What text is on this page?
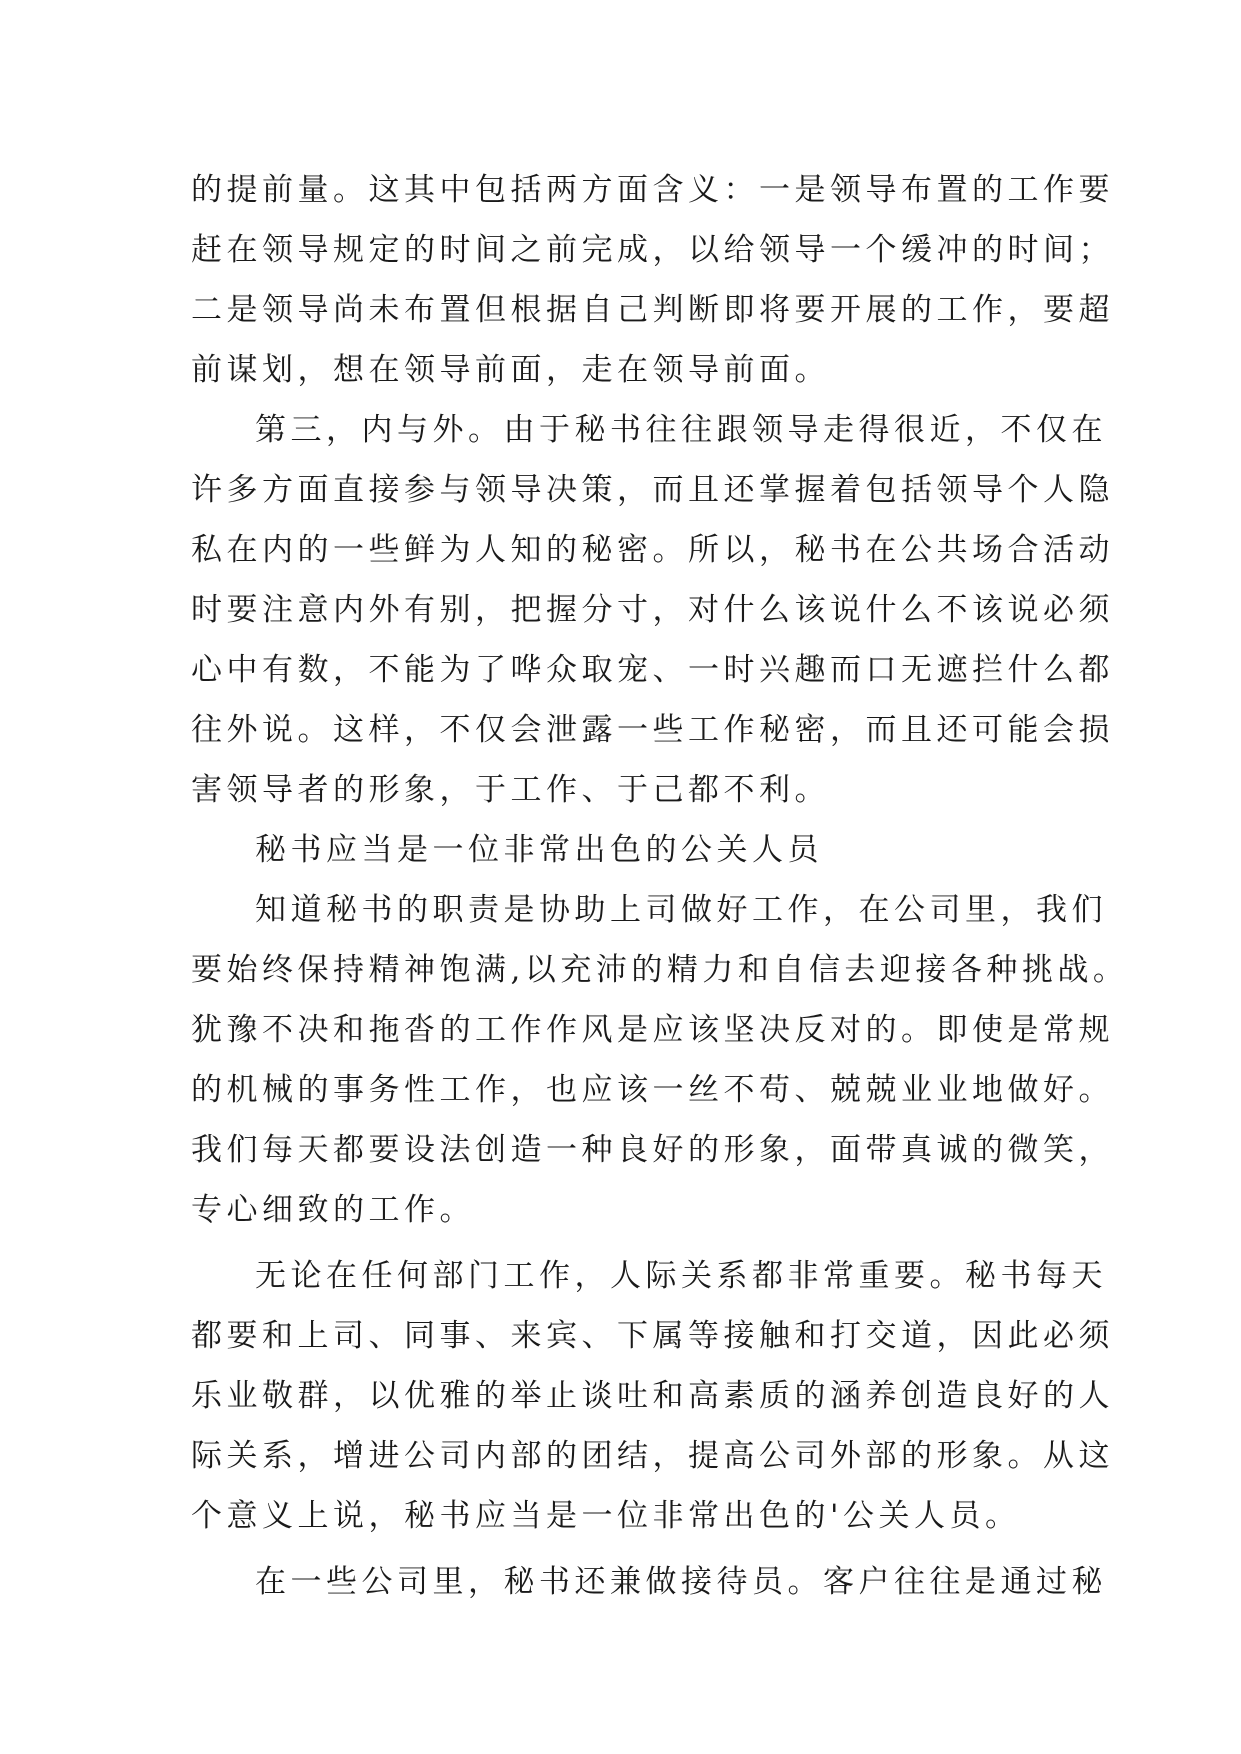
的提前量。这其中包括两方面含义：一是领导布置的工作要
赶在领导规定的时间之前完成，以给领导一个缓冲的时间；
二是领导尚未布置但根据自己判断即将要开展的工作，要超
前谋划，想在领导前面，走在领导前面。
第三，内与外。由于秘书往往跟领导走得很近，不仅在
许多方面直接参与领导决策，而且还掌握着包括领导个人隐
私在内的一些鲜为人知的秘密。所以，秘书在公共场合活动
时要注意内外有别，把握分寸，对什么该说什么不该说必须
心中有数，不能为了哗众取宠、一时兴趣而口无遮拦什么都
往外说。这样，不仅会泄露一些工作秘密，而且还可能会损
害领导者的形象，于工作、于己都不利。
秘书应当是一位非常出色的公关人员
知道秘书的职责是协助上司做好工作，在公司里，我们
要始终保持精神饱满,以充沛的精力和自信去迎接各种挑战。
犹豫不决和拖沓的工作作风是应该坚决反对的。即使是常规
的机械的事务性工作，也应该一丝不苟、兢兢业业地做好。
我们每天都要设法创造一种良好的形象，面带真诚的微笑，
专心细致的工作。
无论在任何部门工作，人际关系都非常重要。秘书每天
都要和上司、同事、来宾、下属等接触和打交道，因此必须
乐业敬群，以优雅的举止谈吐和高素质的涵养创造良好的人
际关系，增进公司内部的团结，提高公司外部的形象。从这
个意义上说，秘书应当是一位非常出色的'公关人员。
在一些公司里，秘书还兼做接待员。客户往往是通过秘
